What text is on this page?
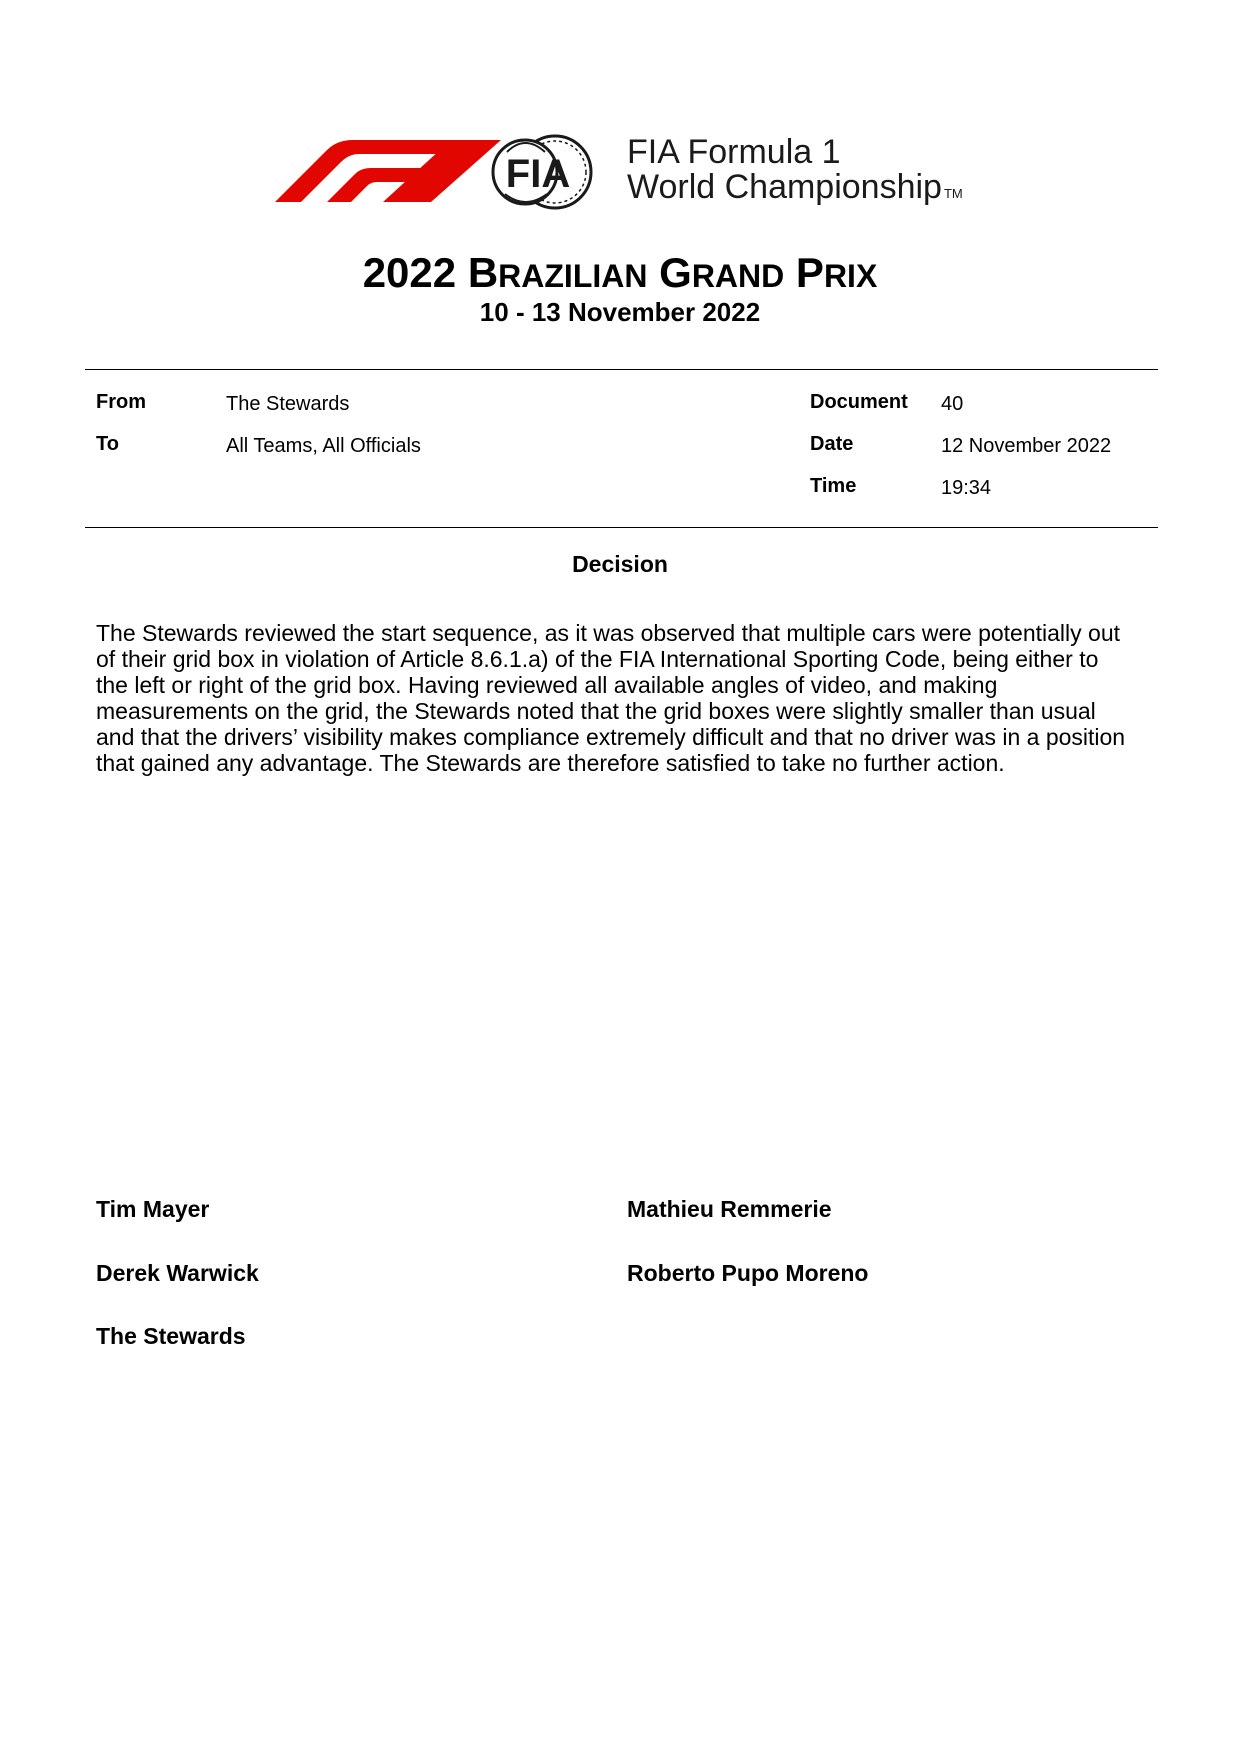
FIA FIA Formula 1
World Championship TM
2022 BRAZILIAN GRAND PRIX
10 - 13 November 2022
From	The Stewards
To	All Teams, All Officials
Document 40
Date	12 November 2022
Time	19:34
Decision
The Stewards reviewed the start sequence, as it was observed that multiple cars were potentially out
of their grid box in violation of Article 8.6.1.a) of the FIA International Sporting Code, being either to
the left or right of the grid box. Having reviewed all available angles of video, and making
measurements on the grid, the Stewards noted that the grid boxes were slightly smaller than usual
and that the drivers’ visibility makes compliance extremely difficult and that no driver was in a position
that gained any advantage. The Stewards are therefore satisfied to take no further action.
Tim Mayer	Mathieu Remmerie
Derek Warwick	Roberto Pupo Moreno
The Stewards
